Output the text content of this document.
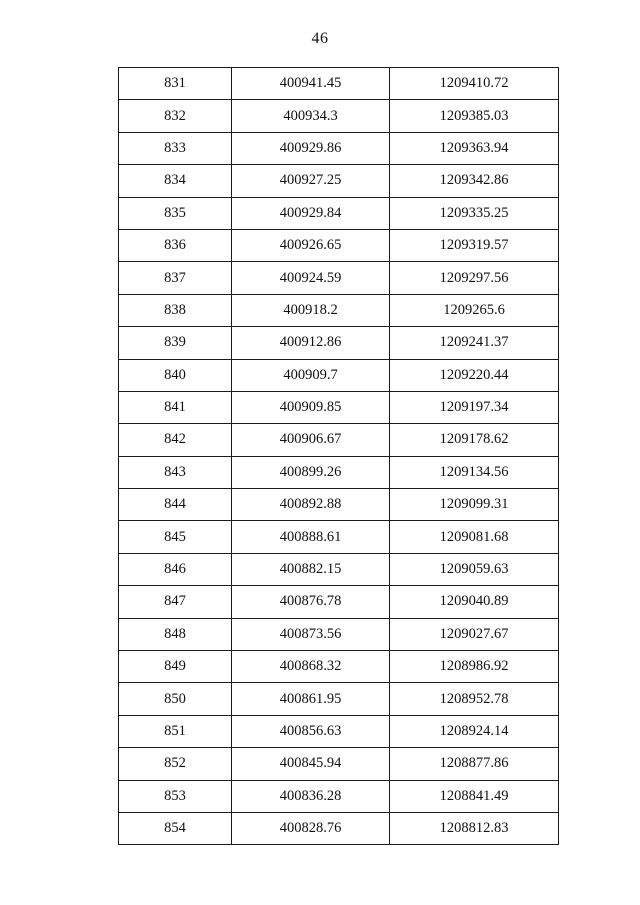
46
831	400941.45	1209410.72
832	400934.3	1209385.03
833	400929.86	1209363.94
834	400927.25	1209342.86
835	400929.84	1209335.25
836	400926.65	1209319.57
837	400924.59	1209297.56
838	400918.2	1209265.6
839	400912.86	1209241.37
840	400909.7	1209220.44
841	400909.85	1209197.34
842	400906.67	1209178.62
843	400899.26	1209134.56
844	400892.88	1209099.31
845	400888.61	1209081.68
846	400882.15	1209059.63
847	400876.78	1209040.89
848	400873.56	1209027.67
849	400868.32	1208986.92
850	400861.95	1208952.78
851	400856.63	1208924.14
852	400845.94	1208877.86
853	400836.28	1208841.49
854	400828.76	1208812.83
